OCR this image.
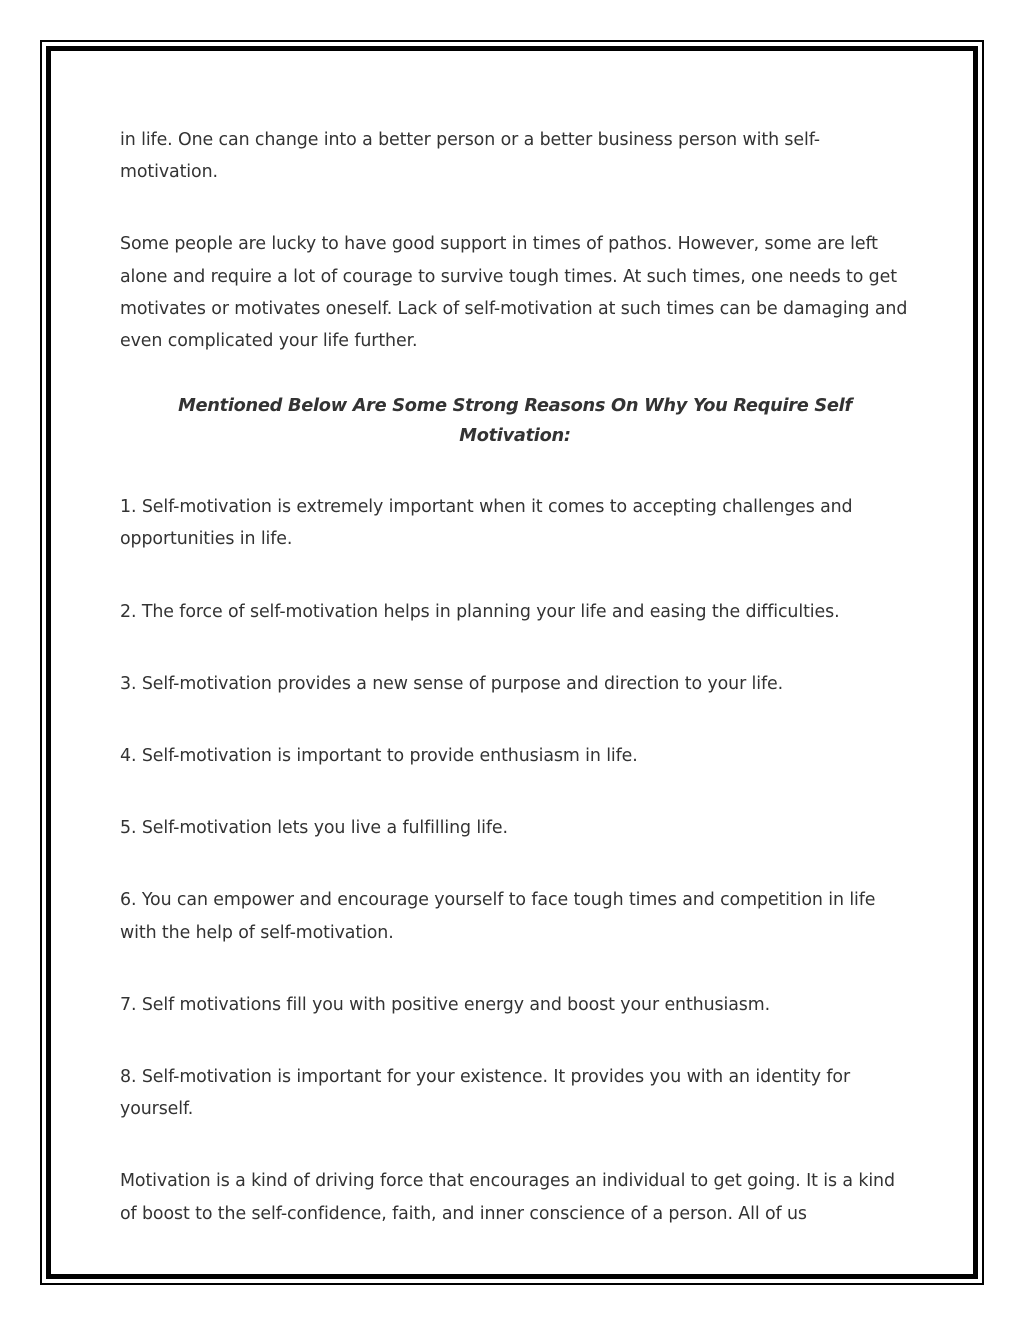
in life. One can change into a better person or a better business person with self-motivation.

Some people are lucky to have good support in times of pathos. However, some are left alone and require a lot of courage to survive tough times. At such times, one needs to get motivates or motivates oneself. Lack of self-motivation at such times can be damaging and even complicated your life further.

Mentioned Below Are Some Strong Reasons On Why You Require Self Motivation:

1. Self-motivation is extremely important when it comes to accepting challenges and opportunities in life.

2. The force of self-motivation helps in planning your life and easing the difficulties.

3. Self-motivation provides a new sense of purpose and direction to your life.

4. Self-motivation is important to provide enthusiasm in life.

5. Self-motivation lets you live a fulfilling life.

6. You can empower and encourage yourself to face tough times and competition in life with the help of self-motivation.

7. Self motivations fill you with positive energy and boost your enthusiasm.

8. Self-motivation is important for your existence. It provides you with an identity for yourself.

Motivation is a kind of driving force that encourages an individual to get going. It is a kind of boost to the self-confidence, faith, and inner conscience of a person. All of us
